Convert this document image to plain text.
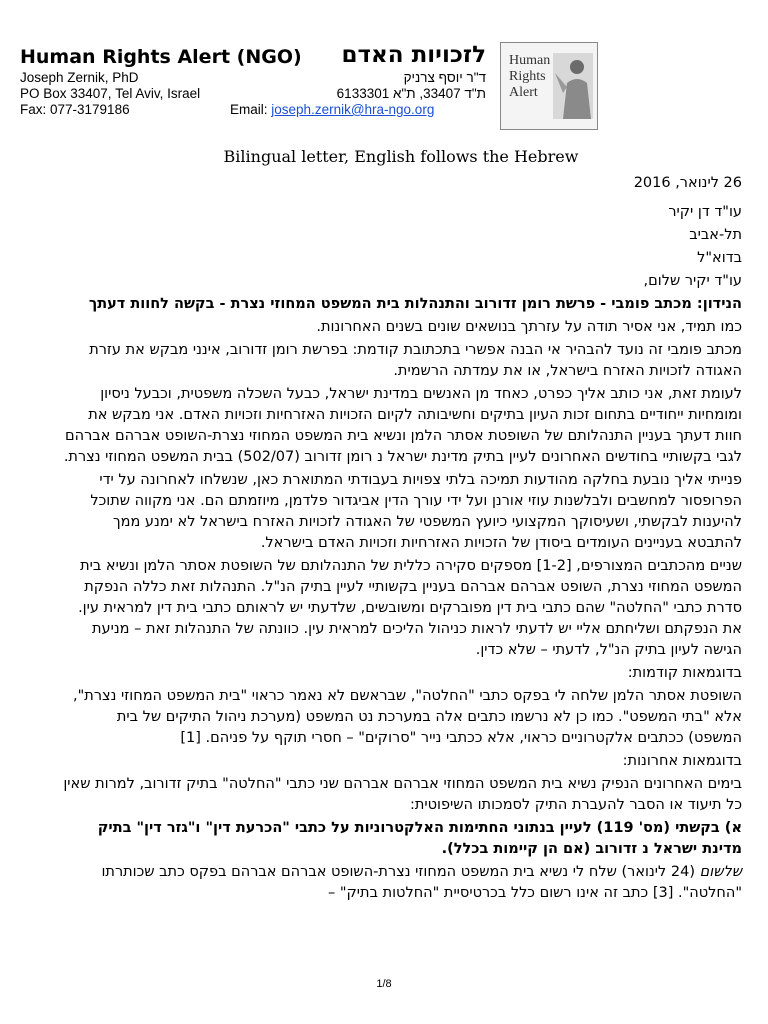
Human Rights Alert (NGO) לזכויות האדם
Joseph Zernik, PhD	ד"ר יוסף צרניק
PO Box 33407, Tel Aviv, Israel	ת"ד 33407, ת"א 6133301
Fax: 077-3179186	Email: joseph.zernik@hra-ngo.org
Human
Rights
Alert
Bilingual letter, English follows the Hebrew
26 לינואר, 2016
עו"ד דן יקיר
תל-אביב
בדוא"ל
עו"ד יקיר שלום,
הנידון: מכתב פומבי - פרשת רומן זדורוב והתנהלות בית המשפט המחוזי נצרת - בקשה לחוות דעתך
כמו תמיד, אני אסיר תודה על עזרתך בנושאים שונים בשנים האחרונות.
מכתב פומבי זה נועד להבהיר אי הבנה אפשרי בתכתובת קודמת: בפרשת רומן זדורוב, אינני מבקש את עזרת האגודה לזכויות האזרח בישראל, או את עמדתה הרשמית.
לעומת זאת, אני כותב אליך כפרט, כאחד מן האנשים במדינת ישראל, כבעל השכלה משפטית, וכבעל ניסיון ומומחיות ייחודיים בתחום זכות העיון בתיקים וחשיבותה לקיום הזכויות האזרחיות וזכויות האדם. אני מבקש את חוות דעתך בעניין התנהלותם של השופטת אסתר הלמן ונשיא בית המשפט המחוזי נצרת-השופט אברהם אברהם לגבי בקשותיי בחודשים האחרונים לעיין בתיק מדינת ישראל נ רומן זדורוב (502/07) בבית המשפט המחוזי נצרת.
פנייתי אליך נובעת בחלקה מהודעות תמיכה בלתי צפויות בעבודתי המתוארת כאן, שנשלחו לאחרונה על ידי הפרופסור למחשבים ולבלשנות עוזי אורנן ועל ידי עורך הדין אביגדור פלדמן, מיוזמתם הם. אני מקווה שתוכל להיענות לבקשתי, ושעיסוקך המקצועי כיועץ המשפטי של האגודה לזכויות האזרח בישראל לא ימנע ממך להתבטא בעניינים העומדים ביסודן של הזכויות האזרחיות וזכויות האדם בישראל.
שניים מהכתבים המצורפים, [1-2] מספקים סקירה כללית של התנהלותם של השופטת אסתר הלמן ונשיא בית המשפט המחוזי נצרת, השופט אברהם אברהם בעניין בקשותיי לעיין בתיק הנ"ל. התנהלות זאת כללה הנפקת סדרת כתבי "החלטה" שהם כתבי בית דין מפוברקים ומשובשים, שלדעתי יש לראותם כתבי בית דין למראית עין. את הנפקתם ושליחתם אליי יש לדעתי לראות כניהול הליכים למראית עין. כוונתה של התנהלות זאת – מניעת הגישה לעיון בתיק הנ"ל, לדעתי – שלא כדין.
בדוגמאות קודמות:
השופטת אסתר הלמן שלחה לי בפקס כתבי "החלטה", שבראשם לא נאמר כראוי "בית המשפט המחוזי נצרת", אלא "בתי המשפט". כמו כן לא נרשמו כתבים אלה במערכת נט המשפט (מערכת ניהול התיקים של בית המשפט) ככתבים אלקטרוניים כראוי, אלא ככתבי נייר "סרוקים" – חסרי תוקף על פניהם. [1]
בדוגמאות אחרונות:
בימים האחרונים הנפיק נשיא בית המשפט המחוזי אברהם אברהם שני כתבי "החלטה" בתיק זדורוב, למרות שאין כל תיעוד או הסבר להעברת התיק לסמכותו השיפוטית:
א) בקשתי (מס' 119) לעיין בנתוני החתימות האלקטרוניות על כתבי "הכרעת דין" ו"גזר דין" בתיק מדינת ישראל נ זדורוב (אם הן קיימות בכלל).
שלשום (24 לינואר) שלח לי נשיא בית המשפט המחוזי נצרת-השופט אברהם אברהם בפקס כתב שכותרתו "החלטה". [3] כתב זה אינו רשום כלל בכרטיסיית "החלטות בתיק" –
1/8
